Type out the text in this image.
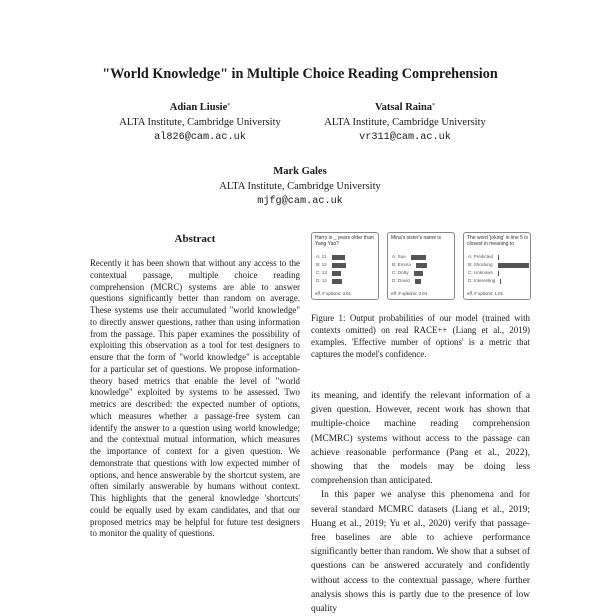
"World Knowledge" in Multiple Choice Reading Comprehension
Adian Liusie*
ALTA Institute, Cambridge University
al826@cam.ac.uk
Vatsal Raina*
ALTA Institute, Cambridge University
vr311@cam.ac.uk
Mark Gales
ALTA Institute, Cambridge University
mjfg@cam.ac.uk
Abstract

Recently it has been shown that without any access to the contextual passage, multiple choice reading comprehension (MCRC) systems are able to answer questions significantly better than random on average. These systems use their accumulated "world knowledge" to directly answer questions, rather than using information from the passage. This paper examines the possibility of exploiting this observation as a tool for test designers to ensure that the form of "world knowledge" is acceptable for a particular set of questions. We propose information-theory based metrics that enable the level of "world knowledge" exploited by systems to be assessed. Two metrics are described: the expected number of options, which measures whether a passage-free system can identify the answer to a question using world knowledge; and the contextual mutual information, which measures the importance of context for a given question. We demonstrate that questions with low expected number of options, and hence answerable by the shortcut system, are often similarly answerable by humans without context. This highlights that the general knowledge 'shortcuts' could be equally used by exam candidates, and that our proposed metrics may be helpful for future test designers to monitor the quality of questions.

Harry is _ years older than Yang Yao?
A: 11
B: 12
C: 13
D: 14
eff. # options: 3.91
Mina's sister's name is
A: Sue
B: Emma
C: Dotty
D: David
eff. # options: 3.04
The word 'joking' in line 5 is closest in meaning to
A: Predicted
B: Shocking
C: Unknown
D: Interesting
eff. # options: 1.01

Figure 1: Output probabilities of our model (trained with contexts omitted) on real RACE++ (Liang et al., 2019) examples. 'Effective number of options' is a metric that captures the model's confidence.

its meaning, and identify the relevant information of a given question. However, recent work has shown that multiple-choice machine reading comprehension (MCMRC) systems without access to the passage can achieve reasonable performance (Pang et al., 2022), showing that the models may be doing less comprehension than anticipated.

In this paper we analyse this phenomena and for several standard MCMRC datasets (Liang et al., 2019; Huang et al., 2019; Yu et al., 2020) verify that passage-free baselines are able to achieve performance significantly better than random. We show that a subset of questions can be answered accurately and confidently without access to the contextual passage, where further analysis shows this is partly due to the presence of low quality
